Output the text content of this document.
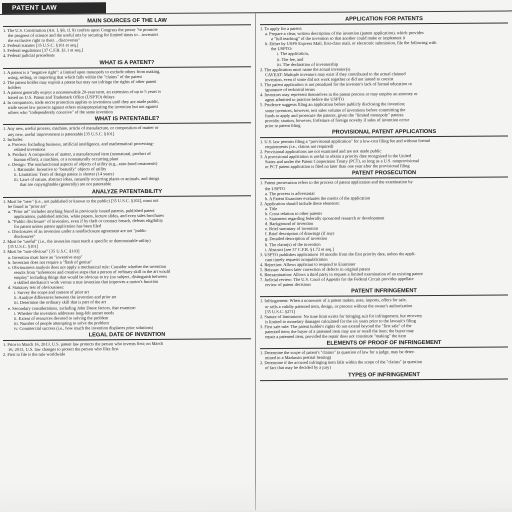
PATENT LAW
MAIN SOURCES OF THE LAW
1. The U.S. Constitution (Art. I, §8, cl. 8) confers upon Congress the power "to promote
the progress of science and the useful arts by securing for limited times to…inventors
the exclusive right to their…discoveries"
2. Federal statutes [35 U.S.C. §101 et seq.]
3. Federal regulations [37 C.F.R. §1.1 et seq.]
4. Federal judicial precedents
WHAT IS A PATENT?
1. A patent is a "negative right": a limited open monopoly to exclude others from making,
using, selling, or importing that which falls within the "claims" of the patent
2. The patent holder may exploit a patent but may not infringe the rights of other patent
holders
3. A patent generally enjoys a nonrenewable 20-year term, an extension of up to 5 years is
based on U.S. Patent and Trademark Office (USPTO) delays
4. In comparison, trade secret protection applies to inventions until they are made public,
trade secret law protects against others misappropriating the invention but not against
others who "independently conceive" of the same invention
WHAT IS PATENTABLE?
1. Any new, useful process, machine, article of manufacture, or composition of matter or
any new, useful improvement is patentable [35 U.S.C. §101]
2. Includes:
a. Process: Including business, artificial intelligence, and mathematical processing-
related inventions
b. Product: A composition of matter, a manufactured item (nonnatural, product of
human effort), a machine, or a nonnaturally occurring plant
c. Design: The nonfunctional aspects of objects of utility (e.g., auto-hood ornaments)
i. Rationale: Incentive to "beautify" objects of utility
ii. Limitation: Term of design patent is shorter (14 years)
iii. Laws of nature, abstract ideas, naturally occurring plants or animals, and things
that are copyrightable (generally) are not patentable
ANALYZE PATENTABILITY
1. Must be "new" (i.e., not published or known to the public) [35 U.S.C. §102], must not
be found in "prior art"
a. "Prior art" includes anything found in previously issued patents, published patent
applications, published articles, white papers, lecture slides, and even sales brochures
b. "Public disclosure" of invention, even if by theft or contract breach, defeats eligibility
for patent unless patent application has been filed
c. Disclosures of an invention under a nondisclosure agreement are not "public
disclosures"
2. Must be "useful" (i.e., the invention must teach a specific or demonstrable utility)
[35 U.S.C. §101]
3. Must be "non-obvious" [35 U.S.C. §103]
a. Invention must have an "inventive step"
b. Invention does not require a "flash of genius"
c. Obviousness analysis does not apply a mechanical rule: Consider whether the invention
results from "inferences and creative steps that a person of ordinary skill in the art would
employ" including things that would be obvious to try (no subject, distinguish between
a skilled mechanic's work versus a true invention that improves a motor's function
d. Statutory test of obviousness:
i. Survey the scope and content of prior art
ii. Analyze differences between the invention and prior art
iii. Determine the ordinary skill that is part of the art
e. Secondary considerations, including John Deere factors, that examine:
i. Whether the invention addresses long-felt unmet needs
ii. Extent of resources devoted to solving the problem
iii. Number of people attempting to solve the problem
iv. Commercial success (i.e., how much the invention displaces prior solutions)
LEGAL DATE OF INVENTION
1. Prior to March 16, 2013, U.S. patent law protects the person who invents first; on March
16, 2013, U.S. law changes to protect the person who files first
2. First to file is the rule worldwide
APPLICATION FOR PATENTS
1. To apply for a patent:
a. Prepare a clear, written description of the invention (patent application), which provides
a "full teaching" of the invention so that another could make or implement it
b. Either by USPS Express Mail, first-class mail, or electronic submission, file the following with
the USPTO:
i. The application,
ii. The fee, and
iii. The declaration of inventorship
2. The application must name the actual inventor(s)
CAVEAT: Multiple inventors may exist if they contributed to the actual claimed
invention, even if some did not work together or did not intend to coexist
3. The patent application is not penalized for the inventor's lack of formal education or
ignorance of technical terms
4. Inventors may represent themselves in the patent process or may employ an attorney or
agent admitted to practice before the USPTO
5. Prudence suggests filing an application before publicly disclosing the invention;
some inventors, however, test sales volume of inventions before committing the
funds to apply and prosecute the patents, given the "limited monopoly" patents
provide; caution, however, forfeiture of foreign novelty if sales of invention occur
prior to patent filing
PROVISIONAL PATENT APPLICATIONS
1. U.S. law permits filing a "provisional application" for a low-cost filing fee and without formal
requirements (i.e., claims not required)
2. Provisional applications are not examined and are not made public
3. A provisional application is useful to obtain a priority date recognized in the United
States and under the Patent Cooperation Treaty (PCT), so long as a U.S. nonprovisional
or PCT patent application is filed no later than one year after the provisional filing
PATENT PROSECUTION
1. Patent prosecution refers to the process of patent application and the examination by
the USPTO
a. The process is adversarial
b. A Patent Examiner evaluates the merits of the application
2. Application should include these elements:
a. Title
b. Cross relation to other patents
c. Statement regarding federally sponsored research or development
d. Background of invention
e. Brief summary of invention
f. Brief description of drawings (if any)
g. Detailed description of invention
h. The claim(s) of the invention
i. Abstract [see 37 C.F.R. §1.72 et seq.]
3. USPTO publishes applications 18 months from the first priority date, unless the appli-
cant timely requests nonpublication
4. Rejection: Allows applicant to respond to Examiner
5. Reissue: Allows later correction of defects in original patent
6. Reexamination: Allows a third party to request a limited examination of an existing patent
7. Judicial review: The U.S. Court of Appeals for the Federal Circuit provides appellate
review of patent decisions
PATENT INFRINGEMENT
1. Infringement: When a nonowner of a patent makes, uses, imports, offers for sale,
or sells a validly patented item, design, or process without the owner's authorization
[35 U.S.C. §271]
2. Statute of limitations: No time limit exists for bringing suit for infringement, but recovery
is limited to monetary damages calculated for the six years prior to the lawsuit's filing
3. First sale rule: The patent holder's rights do not extend beyond the "first sale" of the
patented item; the buyer of a patented item may use or resell the item; the buyer may
repair a patented item, provided the repair does not constitute "making" the item
ELEMENTS OF PROOF OF INFRINGEMENT
1. Determine the scope of patent's "claims" (a question of law for a judge, may be deter-
mined in a Markman pretrial hearing)
2. Determine if the accused infringing item falls within the scope of the "claims" (a question
of fact that may be decided by a jury)
TYPES OF INFRINGEMENT
